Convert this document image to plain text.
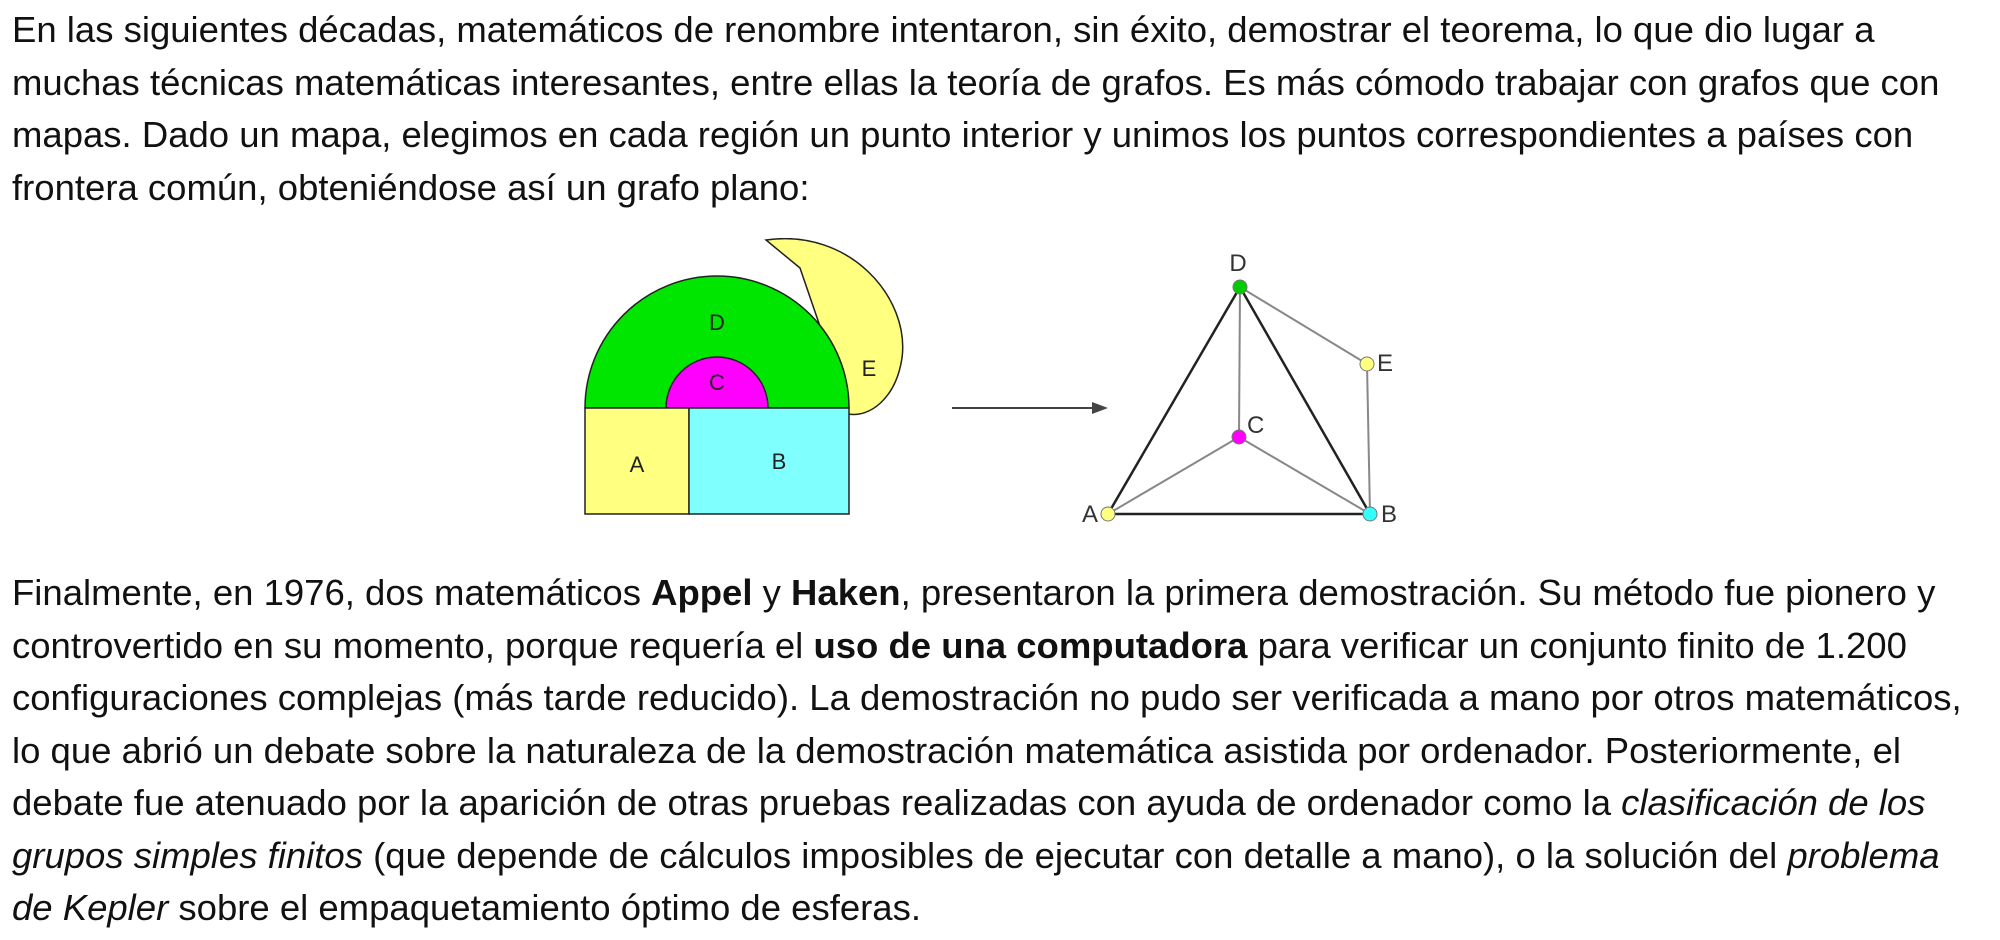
En las siguientes décadas, matemáticos de renombre intentaron, sin éxito, demostrar el teorema, lo que dio lugar a muchas técnicas matemáticas interesantes, entre ellas la teoría de grafos. Es más cómodo trabajar con grafos que con mapas. Dado un mapa, elegimos en cada región un punto interior y unimos los puntos correspondientes a países con frontera común, obteniéndose así un grafo plano:

D
C
E
A	B
D
E
C
A	B

Finalmente, en 1976, dos matemáticos Appel y Haken, presentaron la primera demostración. Su método fue pionero y controvertido en su momento, porque requería el uso de una computadora para verificar un conjunto finito de 1.200 configuraciones complejas (más tarde reducido). La demostración no pudo ser verificada a mano por otros matemáticos, lo que abrió un debate sobre la naturaleza de la demostración matemática asistida por ordenador. Posteriormente, el debate fue atenuado por la aparición de otras pruebas realizadas con ayuda de ordenador como la clasificación de los grupos simples finitos (que depende de cálculos imposibles de ejecutar con detalle a mano), o la solución del problema de Kepler sobre el empaquetamiento óptimo de esferas.
